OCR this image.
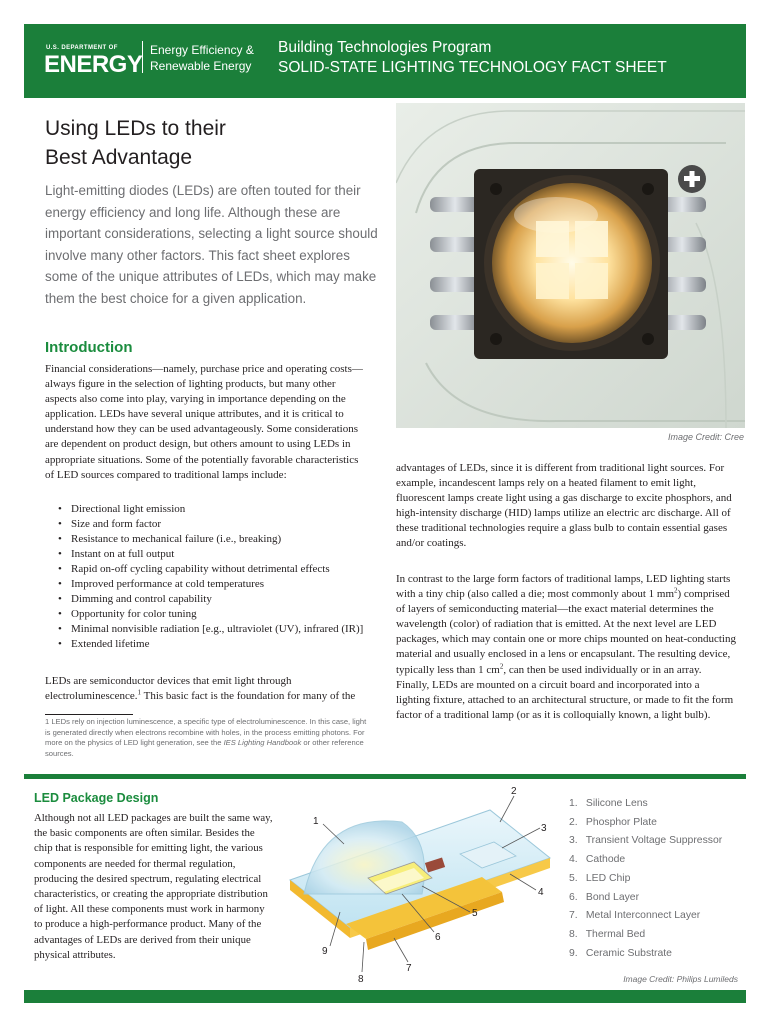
U.S. DEPARTMENT OF
ENERGY
Energy Efficiency &
Renewable Energy
Building Technologies Program
SOLID-STATE LIGHTING TECHNOLOGY FACT SHEET
Using LEDs to their
Best Advantage

Light-emitting diodes (LEDs) are often touted for their energy efficiency and long life. Although these are important considerations, selecting a light source should involve many other factors. This fact sheet explores some of the unique attributes of LEDs, which may make them the best choice for a given application.

Introduction

Financial considerations—namely, purchase price and operating costs—always figure in the selection of lighting products, but many other aspects also come into play, varying in importance depending on the application. LEDs have several unique attributes, and it is critical to understand how they can be used advantageously. Some considerations are dependent on product design, but others amount to using LEDs in appropriate situations. Some of the potentially favorable characteristics of LED sources compared to traditional lamps include:

• Directional light emission
• Size and form factor
• Resistance to mechanical failure (i.e., breaking)
• Instant on at full output
• Rapid on-off cycling capability without detrimental effects
• Improved performance at cold temperatures
• Dimming and control capability
• Opportunity for color tuning
• Minimal nonvisible radiation [e.g., ultraviolet (UV), infrared (IR)]
• Extended lifetime

LEDs are semiconductor devices that emit light through electroluminescence.$^1$ This basic fact is the foundation for many of the

1 LEDs rely on injection luminescence, a specific type of electroluminescence. In this case, light is generated directly when electrons recombine with holes, in the process emitting photons. For more on the physics of LED light generation, see the IES Lighting Handbook or other reference sources.

Image Credit: Cree

advantages of LEDs, since it is different from traditional light sources. For example, incandescent lamps rely on a heated filament to emit light, fluorescent lamps create light using a gas discharge to excite phosphors, and high-intensity discharge (HID) lamps utilize an electric arc discharge. All of these traditional technologies require a glass bulb to contain essential gases and/or coatings.

In contrast to the large form factors of traditional lamps, LED lighting starts with a tiny chip (also called a die; most commonly about 1 $mm^2$) comprised of layers of semiconducting material—the exact material determines the wavelength (color) of radiation that is emitted. At the next level are LED packages, which may contain one or more chips mounted on heat-conducting material and usually enclosed in a lens or encapsulant. The resulting device, typically less than 1 $cm^2$, can then be used individually or in an array. Finally, LEDs are mounted on a circuit board and incorporated into a lighting fixture, attached to an architectural structure, or made to fit the form factor of a traditional lamp (or as it is colloquially known, a light bulb).

LED Package Design

Although not all LED packages are built the same way, the basic components are often similar. Besides the chip that is responsible for emitting light, the various components are needed for thermal regulation, producing the desired spectrum, regulating electrical characteristics, or creating the appropriate distribution of light. All these components must work in harmony to produce a high-performance product. Many of the advantages of LEDs are derived from their unique physical attributes.

1
2
3
4
5
6
7
8
9
1. Silicone Lens
2. Phosphor Plate
3. Transient Voltage Suppressor
4. Cathode
5. LED Chip
6. Bond Layer
7. Metal Interconnect Layer
8. Thermal Bed
9. Ceramic Substrate
Image Credit: Philips Lumileds
